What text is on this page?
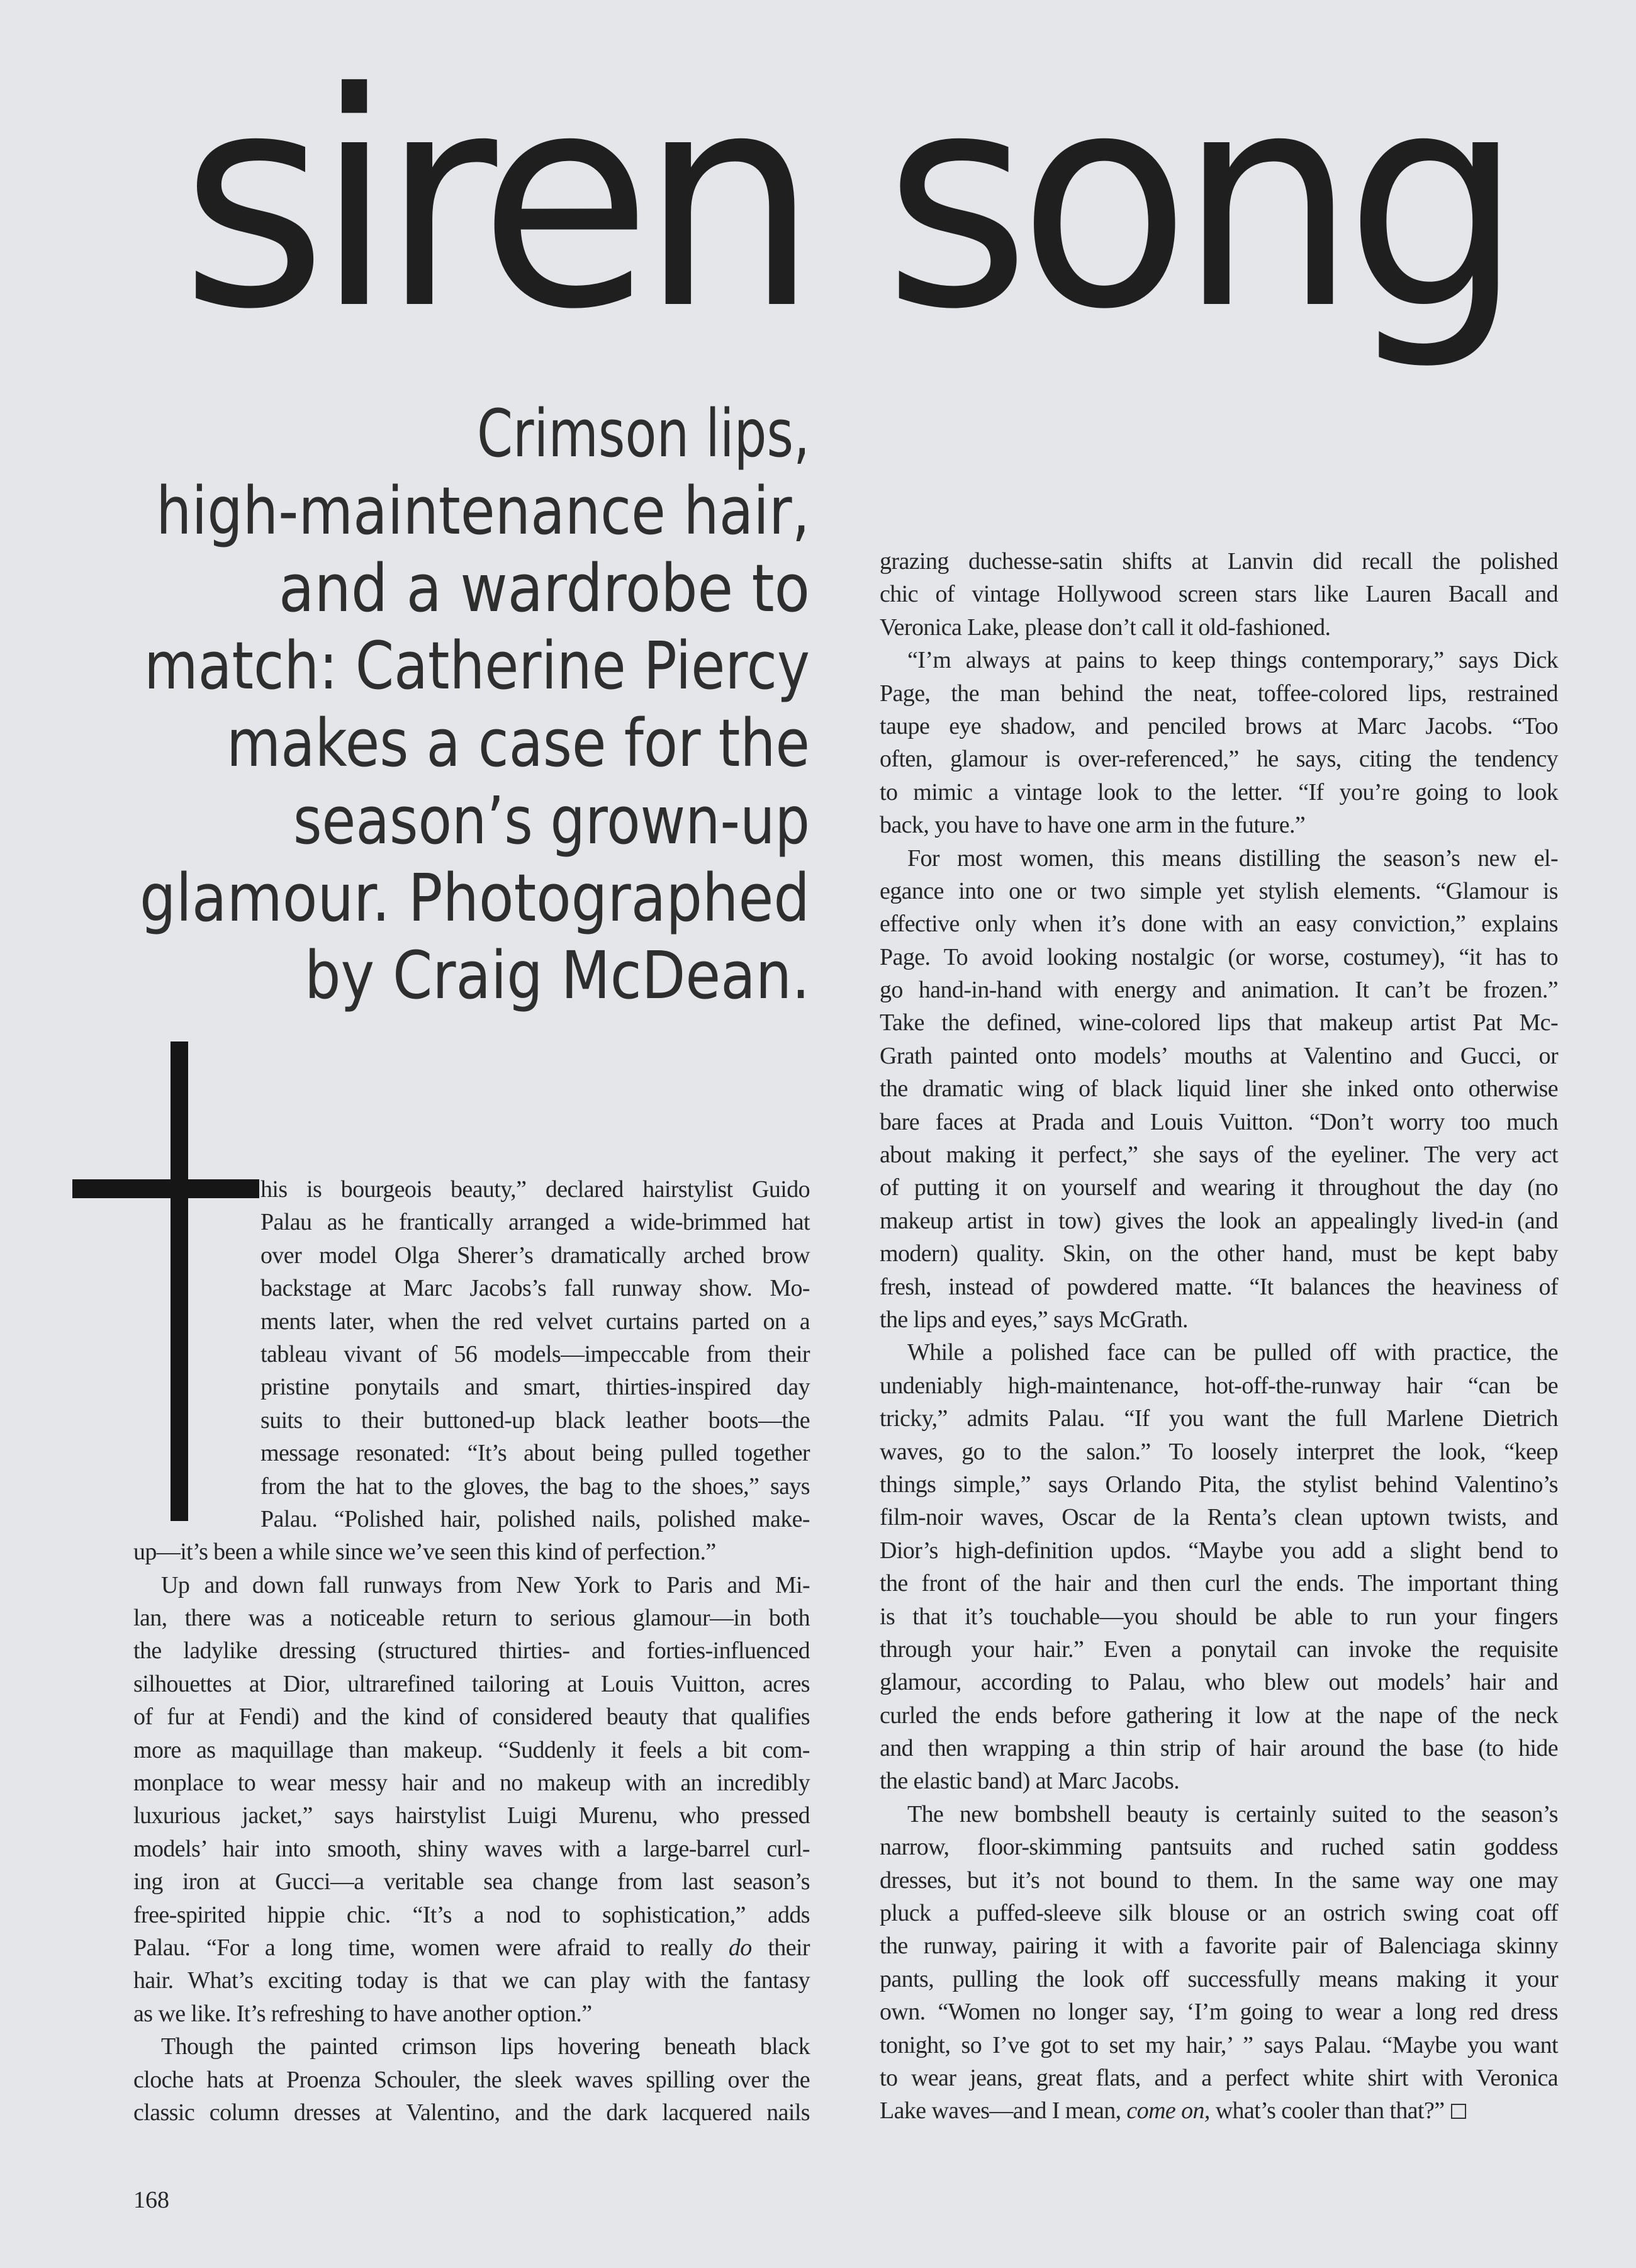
siren song
Crimson lips,
high-maintenance hair,
and a wardrobe to
match: Catherine Piercy
makes a case for the
season’s grown-up
glamour. Photographed
by Craig McDean.
his is bourgeois beauty,” declared hairstylist Guido
Palau as he frantically arranged a wide-brimmed hat
over model Olga Sherer’s dramatically arched brow
backstage at Marc Jacobs’s fall runway show. Mo-
ments later, when the red velvet curtains parted on a
tableau vivant of 56 models—impeccable from their
pristine ponytails and smart, thirties-inspired day
suits to their buttoned-up black leather boots—the
message resonated: “It’s about being pulled together
from the hat to the gloves, the bag to the shoes,” says
Palau. “Polished hair, polished nails, polished make-
up—it’s been a while since we’ve seen this kind of perfection.”
Up and down fall runways from New York to Paris and Mi-
lan, there was a noticeable return to serious glamour—in both
the ladylike dressing (structured thirties- and forties-influenced
silhouettes at Dior, ultrarefined tailoring at Louis Vuitton, acres
of fur at Fendi) and the kind of considered beauty that qualifies
more as maquillage than makeup. “Suddenly it feels a bit com-
monplace to wear messy hair and no makeup with an incredibly
luxurious jacket,” says hairstylist Luigi Murenu, who pressed
models’ hair into smooth, shiny waves with a large-barrel curl-
ing iron at Gucci—a veritable sea change from last season’s
free-spirited hippie chic. “It’s a nod to sophistication,” adds
Palau. “For a long time, women were afraid to really do their
hair. What’s exciting today is that we can play with the fantasy
as we like. It’s refreshing to have another option.”
Though the painted crimson lips hovering beneath black
cloche hats at Proenza Schouler, the sleek waves spilling over the
classic column dresses at Valentino, and the dark lacquered nails
grazing duchesse-satin shifts at Lanvin did recall the polished
chic of vintage Hollywood screen stars like Lauren Bacall and
Veronica Lake, please don’t call it old-fashioned.
“I’m always at pains to keep things contemporary,” says Dick
Page, the man behind the neat, toffee-colored lips, restrained
taupe eye shadow, and penciled brows at Marc Jacobs. “Too
often, glamour is over-referenced,” he says, citing the tendency
to mimic a vintage look to the letter. “If you’re going to look
back, you have to have one arm in the future.”
For most women, this means distilling the season’s new el-
egance into one or two simple yet stylish elements. “Glamour is
effective only when it’s done with an easy conviction,” explains
Page. To avoid looking nostalgic (or worse, costumey), “it has to
go hand-in-hand with energy and animation. It can’t be frozen.”
Take the defined, wine-colored lips that makeup artist Pat Mc-
Grath painted onto models’ mouths at Valentino and Gucci, or
the dramatic wing of black liquid liner she inked onto otherwise
bare faces at Prada and Louis Vuitton. “Don’t worry too much
about making it perfect,” she says of the eyeliner. The very act
of putting it on yourself and wearing it throughout the day (no
makeup artist in tow) gives the look an appealingly lived-in (and
modern) quality. Skin, on the other hand, must be kept baby
fresh, instead of powdered matte. “It balances the heaviness of
the lips and eyes,” says McGrath.
While a polished face can be pulled off with practice, the
undeniably high-maintenance, hot-off-the-runway hair “can be
tricky,” admits Palau. “If you want the full Marlene Dietrich
waves, go to the salon.” To loosely interpret the look, “keep
things simple,” says Orlando Pita, the stylist behind Valentino’s
film-noir waves, Oscar de la Renta’s clean uptown twists, and
Dior’s high-definition updos. “Maybe you add a slight bend to
the front of the hair and then curl the ends. The important thing
is that it’s touchable—you should be able to run your fingers
through your hair.” Even a ponytail can invoke the requisite
glamour, according to Palau, who blew out models’ hair and
curled the ends before gathering it low at the nape of the neck
and then wrapping a thin strip of hair around the base (to hide
the elastic band) at Marc Jacobs.
The new bombshell beauty is certainly suited to the season’s
narrow, floor-skimming pantsuits and ruched satin goddess
dresses, but it’s not bound to them. In the same way one may
pluck a puffed-sleeve silk blouse or an ostrich swing coat off
the runway, pairing it with a favorite pair of Balenciaga skinny
pants, pulling the look off successfully means making it your
own. “Women no longer say, ‘I’m going to wear a long red dress
tonight, so I’ve got to set my hair,’ ” says Palau. “Maybe you want
to wear jeans, great flats, and a perfect white shirt with Veronica
Lake waves—and I mean, come on, what’s cooler than that?”
168
